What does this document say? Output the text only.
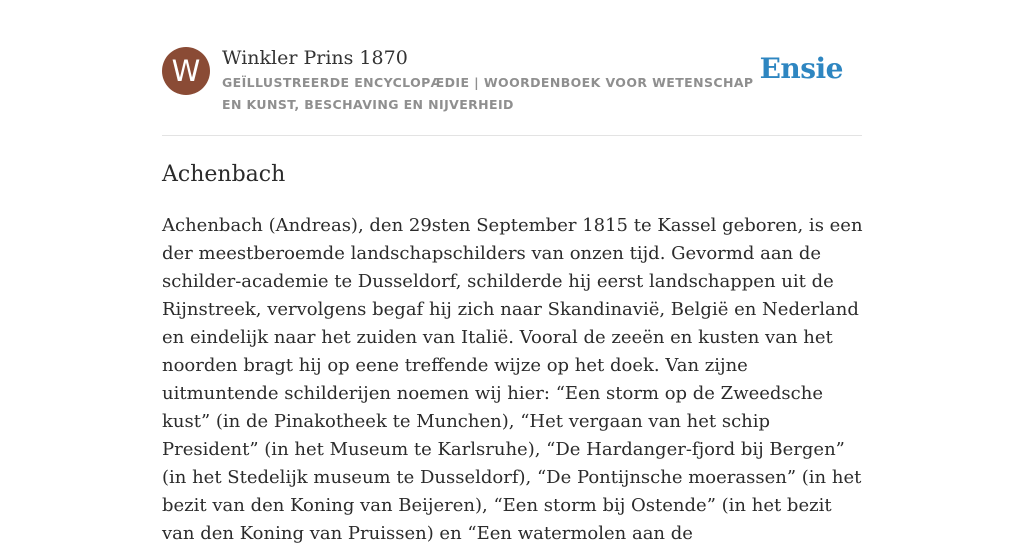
W	Winkler Prins 1870
GEÏLLUSTREERDE ENCYCLOPÆDIE | WOORDENBOEK VOOR WETENSCHAP EN KUNST, BESCHAVING EN NIJVERHEID
Ensie
Achenbach

Achenbach (Andreas), den 29sten September 1815 te Kassel geboren, is een der meestberoemde landschapschilders van onzen tijd. Gevormd aan de schilder-academie te Dusseldorf, schilderde hij eerst landschappen uit de Rijnstreek, vervolgens begaf hij zich naar Skandinavië, België en Nederland en eindelijk naar het zuiden van Italië. Vooral de zeeën en kusten van het noorden bragt hij op eene treffende wijze op het doek. Van zijne uitmuntende schilderijen noemen wij hier: “Een storm op de Zweedsche kust” (in de Pinakotheek te Munchen), “Het vergaan van het schip President” (in het Museum te Karlsruhe), “De Hardanger-fjord bij Bergen” (in het Stedelijk museum te Dusseldorf), “De Pontijnsche moerassen” (in het bezit van den Koning van Beijeren), “Een storm bij Ostende” (in het bezit van den Koning van Pruissen) en “Een watermolen aan de
